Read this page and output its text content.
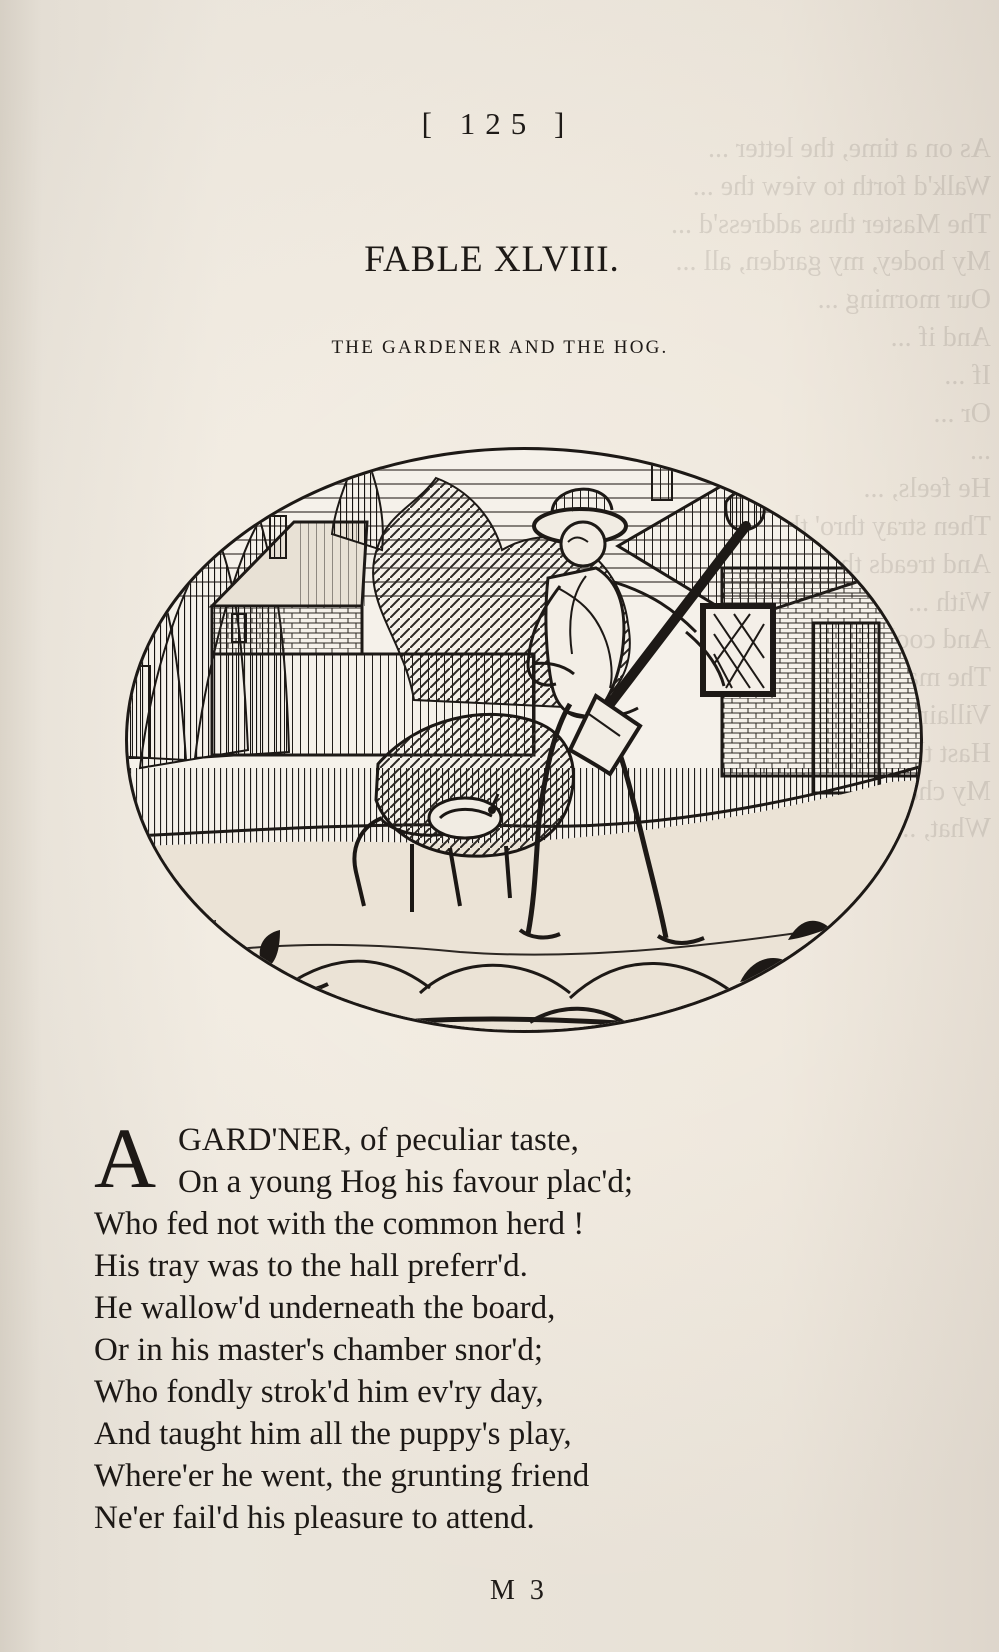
As on a time, the letter ...
Walk'd forth to view the ...
The Master thus address'd ...
My hodey, my garden, all ...
Our morning ...
And if ...
If ...
Or ...
...
He feels, ...
Then stray thro' the garden ...
And treads the ...
With ...
And cools ...
The master ...
Villain, ...
Hast
My charge ...
What, ...
[ 125 ]
FABLE XLVIII.
THE GARDENER AND THE HOG.
A GARD'NER, of peculiar taste,
On a young Hog his favour plac'd;
Who fed not with the common herd !
His tray was to the hall preferr'd.
He wallow'd underneath the board,
Or in his master's chamber snor'd;
Who fondly strok'd him ev'ry day,
And taught him all the puppy's play,
Where'er he went, the grunting friend
Ne'er fail'd his pleasure to attend.
M 3
